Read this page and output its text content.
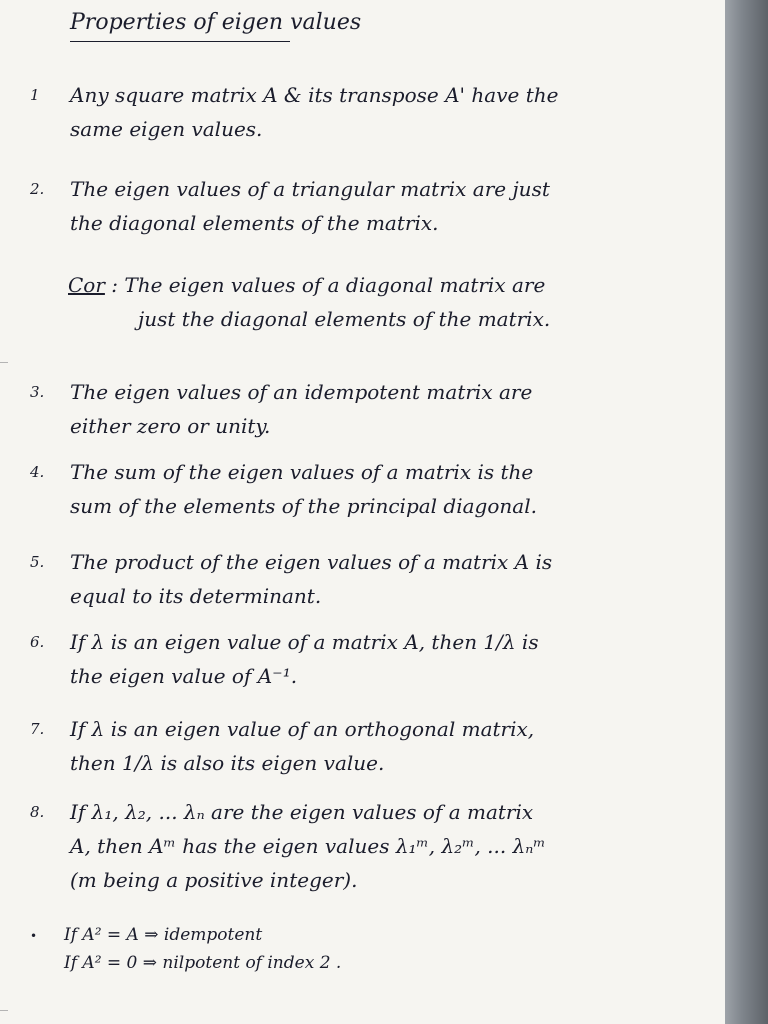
Properties of eigen values
1	Any square matrix A & its transpose A' have the
same eigen values.
2.	The eigen values of a triangular matrix are just
the diagonal elements of the matrix.
Cor : The eigen values of a diagonal matrix are
just the diagonal elements of the matrix.
3.	The eigen values of an idempotent matrix are
either zero or unity.
4.	The sum of the eigen values of a matrix is the
sum of the elements of the principal diagonal.
5.	The product of the eigen values of a matrix A is
equal to its determinant.
6.	If λ is an eigen value of a matrix A, then 1/λ is
the eigen value of A⁻¹.
7.	If λ is an eigen value of an orthogonal matrix,
then 1/λ is also its eigen value.
8.	If λ₁, λ₂, ... λₙ are the eigen values of a matrix
A, then Aᵐ has the eigen values λ₁ᵐ, λ₂ᵐ, ... λₙᵐ
(m being a positive integer).
• If A² = A ⇒ idempotent
If A² = 0 ⇒ nilpotent of index 2 .
